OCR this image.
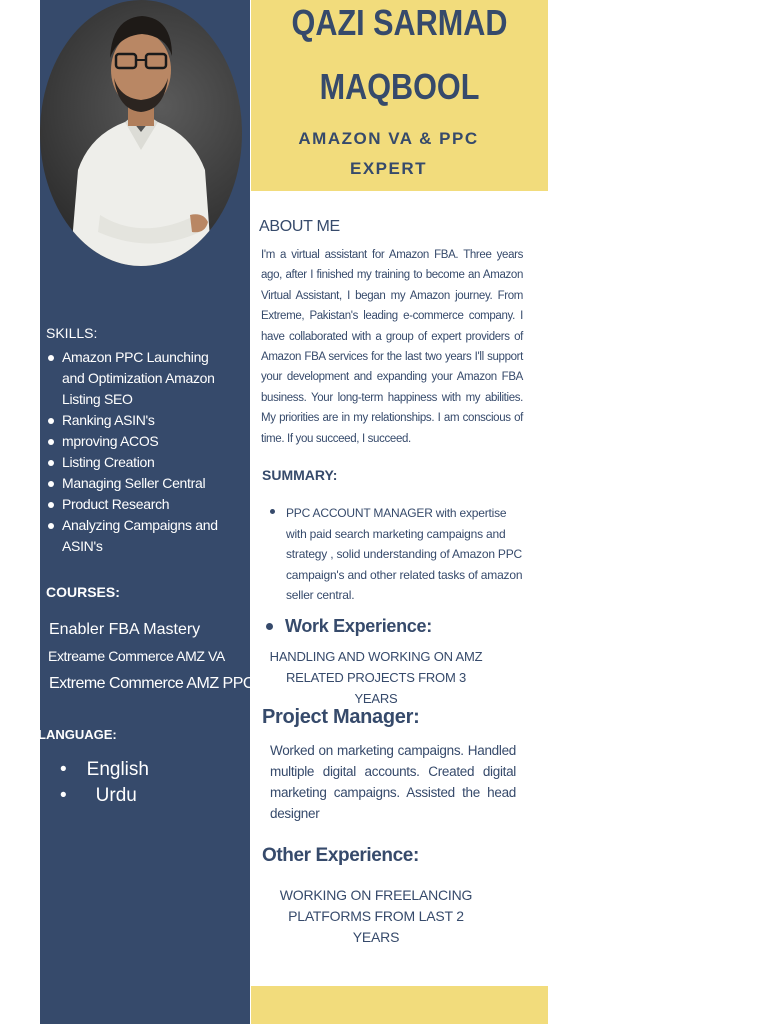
QAZI SARMAD
MAQBOOL
AMAZON VA & PPC
EXPERT
SKILLS:
Amazon PPC Launching and Optimization Amazon Listing SEO
Ranking ASIN's
mproving ACOS
Listing Creation
Managing Seller Central
Product Research
Analyzing Campaigns and ASIN's
COURSES:
Enabler FBA Mastery
Extreame Commerce AMZ VA
Extreme Commerce AMZ PPC
LANGUAGE:
• English
• Urdu
ABOUT ME
I'm a virtual assistant for Amazon FBA. Three years ago, after I finished my training to become an Amazon Virtual Assistant, I began my Amazon journey. From Extreme, Pakistan's leading e-commerce company. I have collaborated with a group of expert providers of Amazon FBA services for the last two years I'll support your development and expanding your Amazon FBA business. Your long-term happiness with my abilities. My priorities are in my relationships. I am conscious of time. If you succeed, I succeed.
SUMMARY:
PPC ACCOUNT MANAGER with expertise with paid search marketing campaigns and strategy , solid understanding of Amazon PPC campaign's and other related tasks of amazon seller central.
Work Experience:
HANDLING AND WORKING ON AMZ
RELATED PROJECTS FROM 3 YEARS
Project Manager:
Worked on marketing campaigns. Handled multiple digital accounts. Created digital marketing campaigns. Assisted the head designer
Other Experience:
WORKING ON FREELANCING
PLATFORMS FROM LAST 2 YEARS
